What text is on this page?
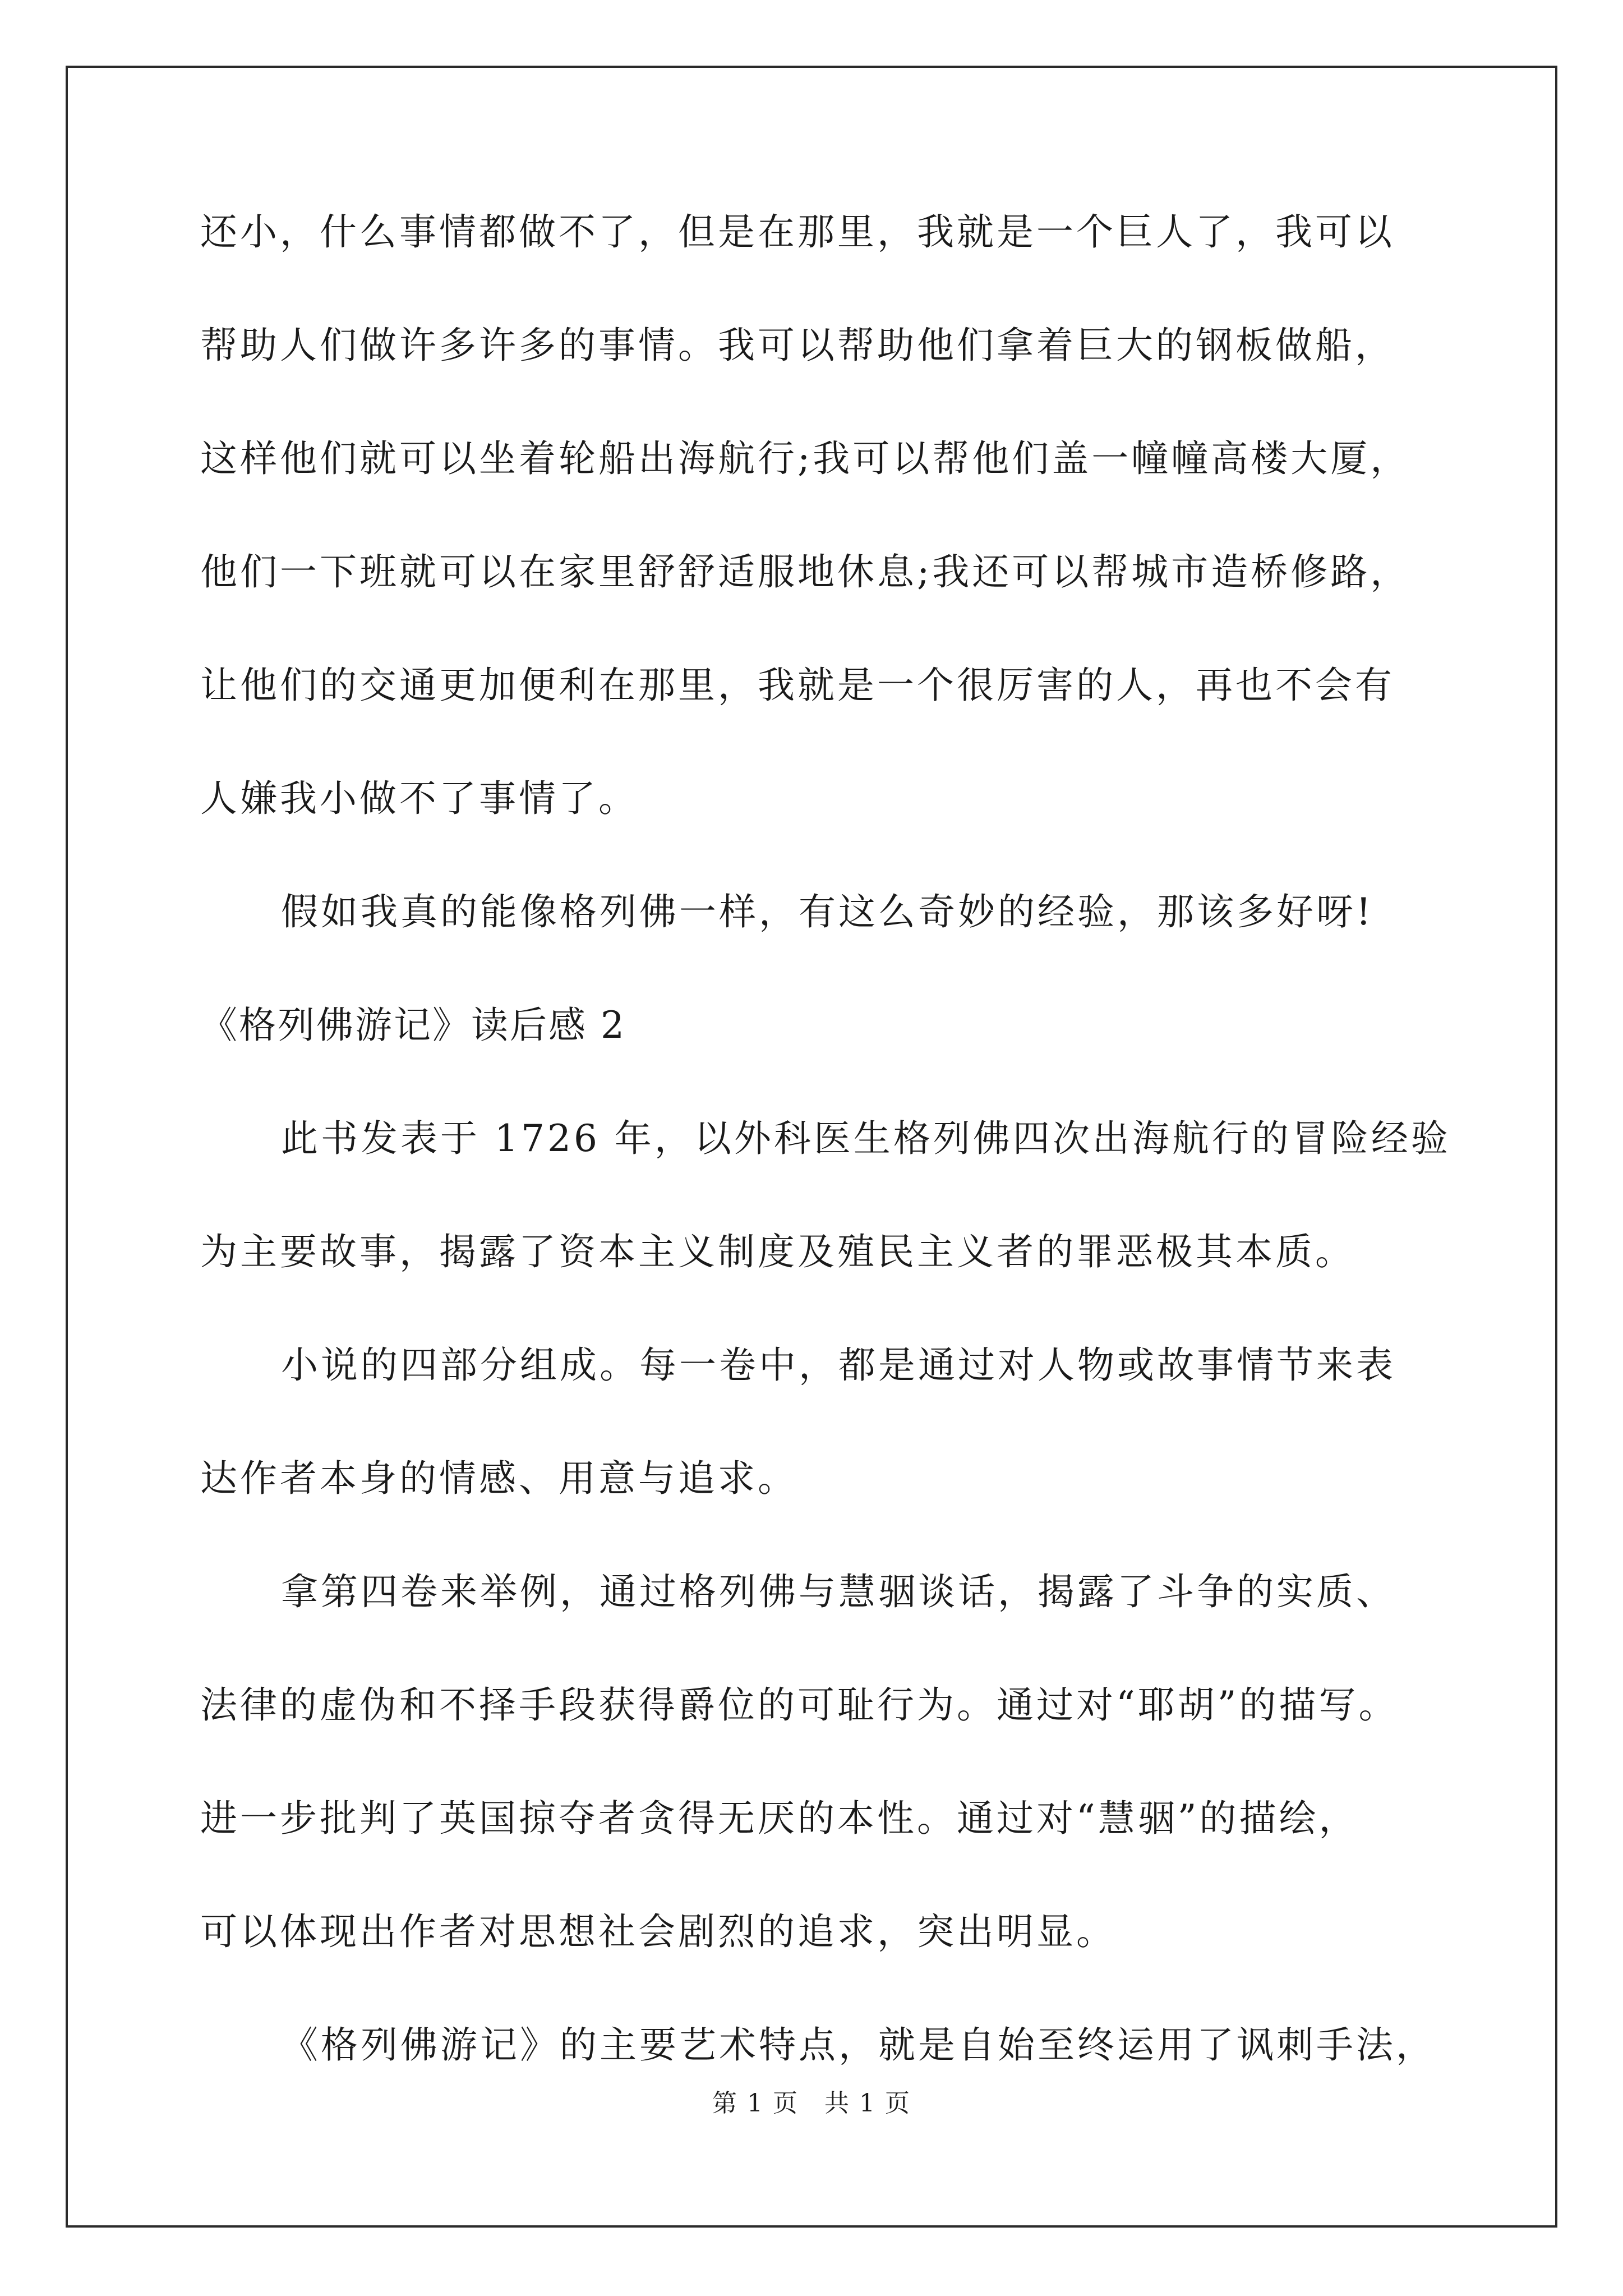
还小，什么事情都做不了，但是在那里，我就是一个巨人了，我可以
帮助人们做许多许多的事情。我可以帮助他们拿着巨大的钢板做船，
这样他们就可以坐着轮船出海航行;我可以帮他们盖一幢幢高楼大厦，
他们一下班就可以在家里舒舒适服地休息;我还可以帮城市造桥修路，
让他们的交通更加便利在那里，我就是一个很厉害的人，再也不会有
人嫌我小做不了事情了。
假如我真的能像格列佛一样，有这么奇妙的经验，那该多好呀!
《格列佛游记》读后感 2
此书发表于 1726 年，以外科医生格列佛四次出海航行的冒险经验
为主要故事，揭露了资本主义制度及殖民主义者的罪恶极其本质。
小说的四部分组成。每一卷中，都是通过对人物或故事情节来表
达作者本身的情感、用意与追求。
拿第四卷来举例，通过格列佛与慧骃谈话，揭露了斗争的实质、
法律的虚伪和不择手段获得爵位的可耻行为。通过对“耶胡”的描写。
进一步批判了英国掠夺者贪得无厌的本性。通过对“慧骃”的描绘，
可以体现出作者对思想社会剧烈的追求，突出明显。
《格列佛游记》的主要艺术特点，就是自始至终运用了讽刺手法，
第 1 页　共 1 页
